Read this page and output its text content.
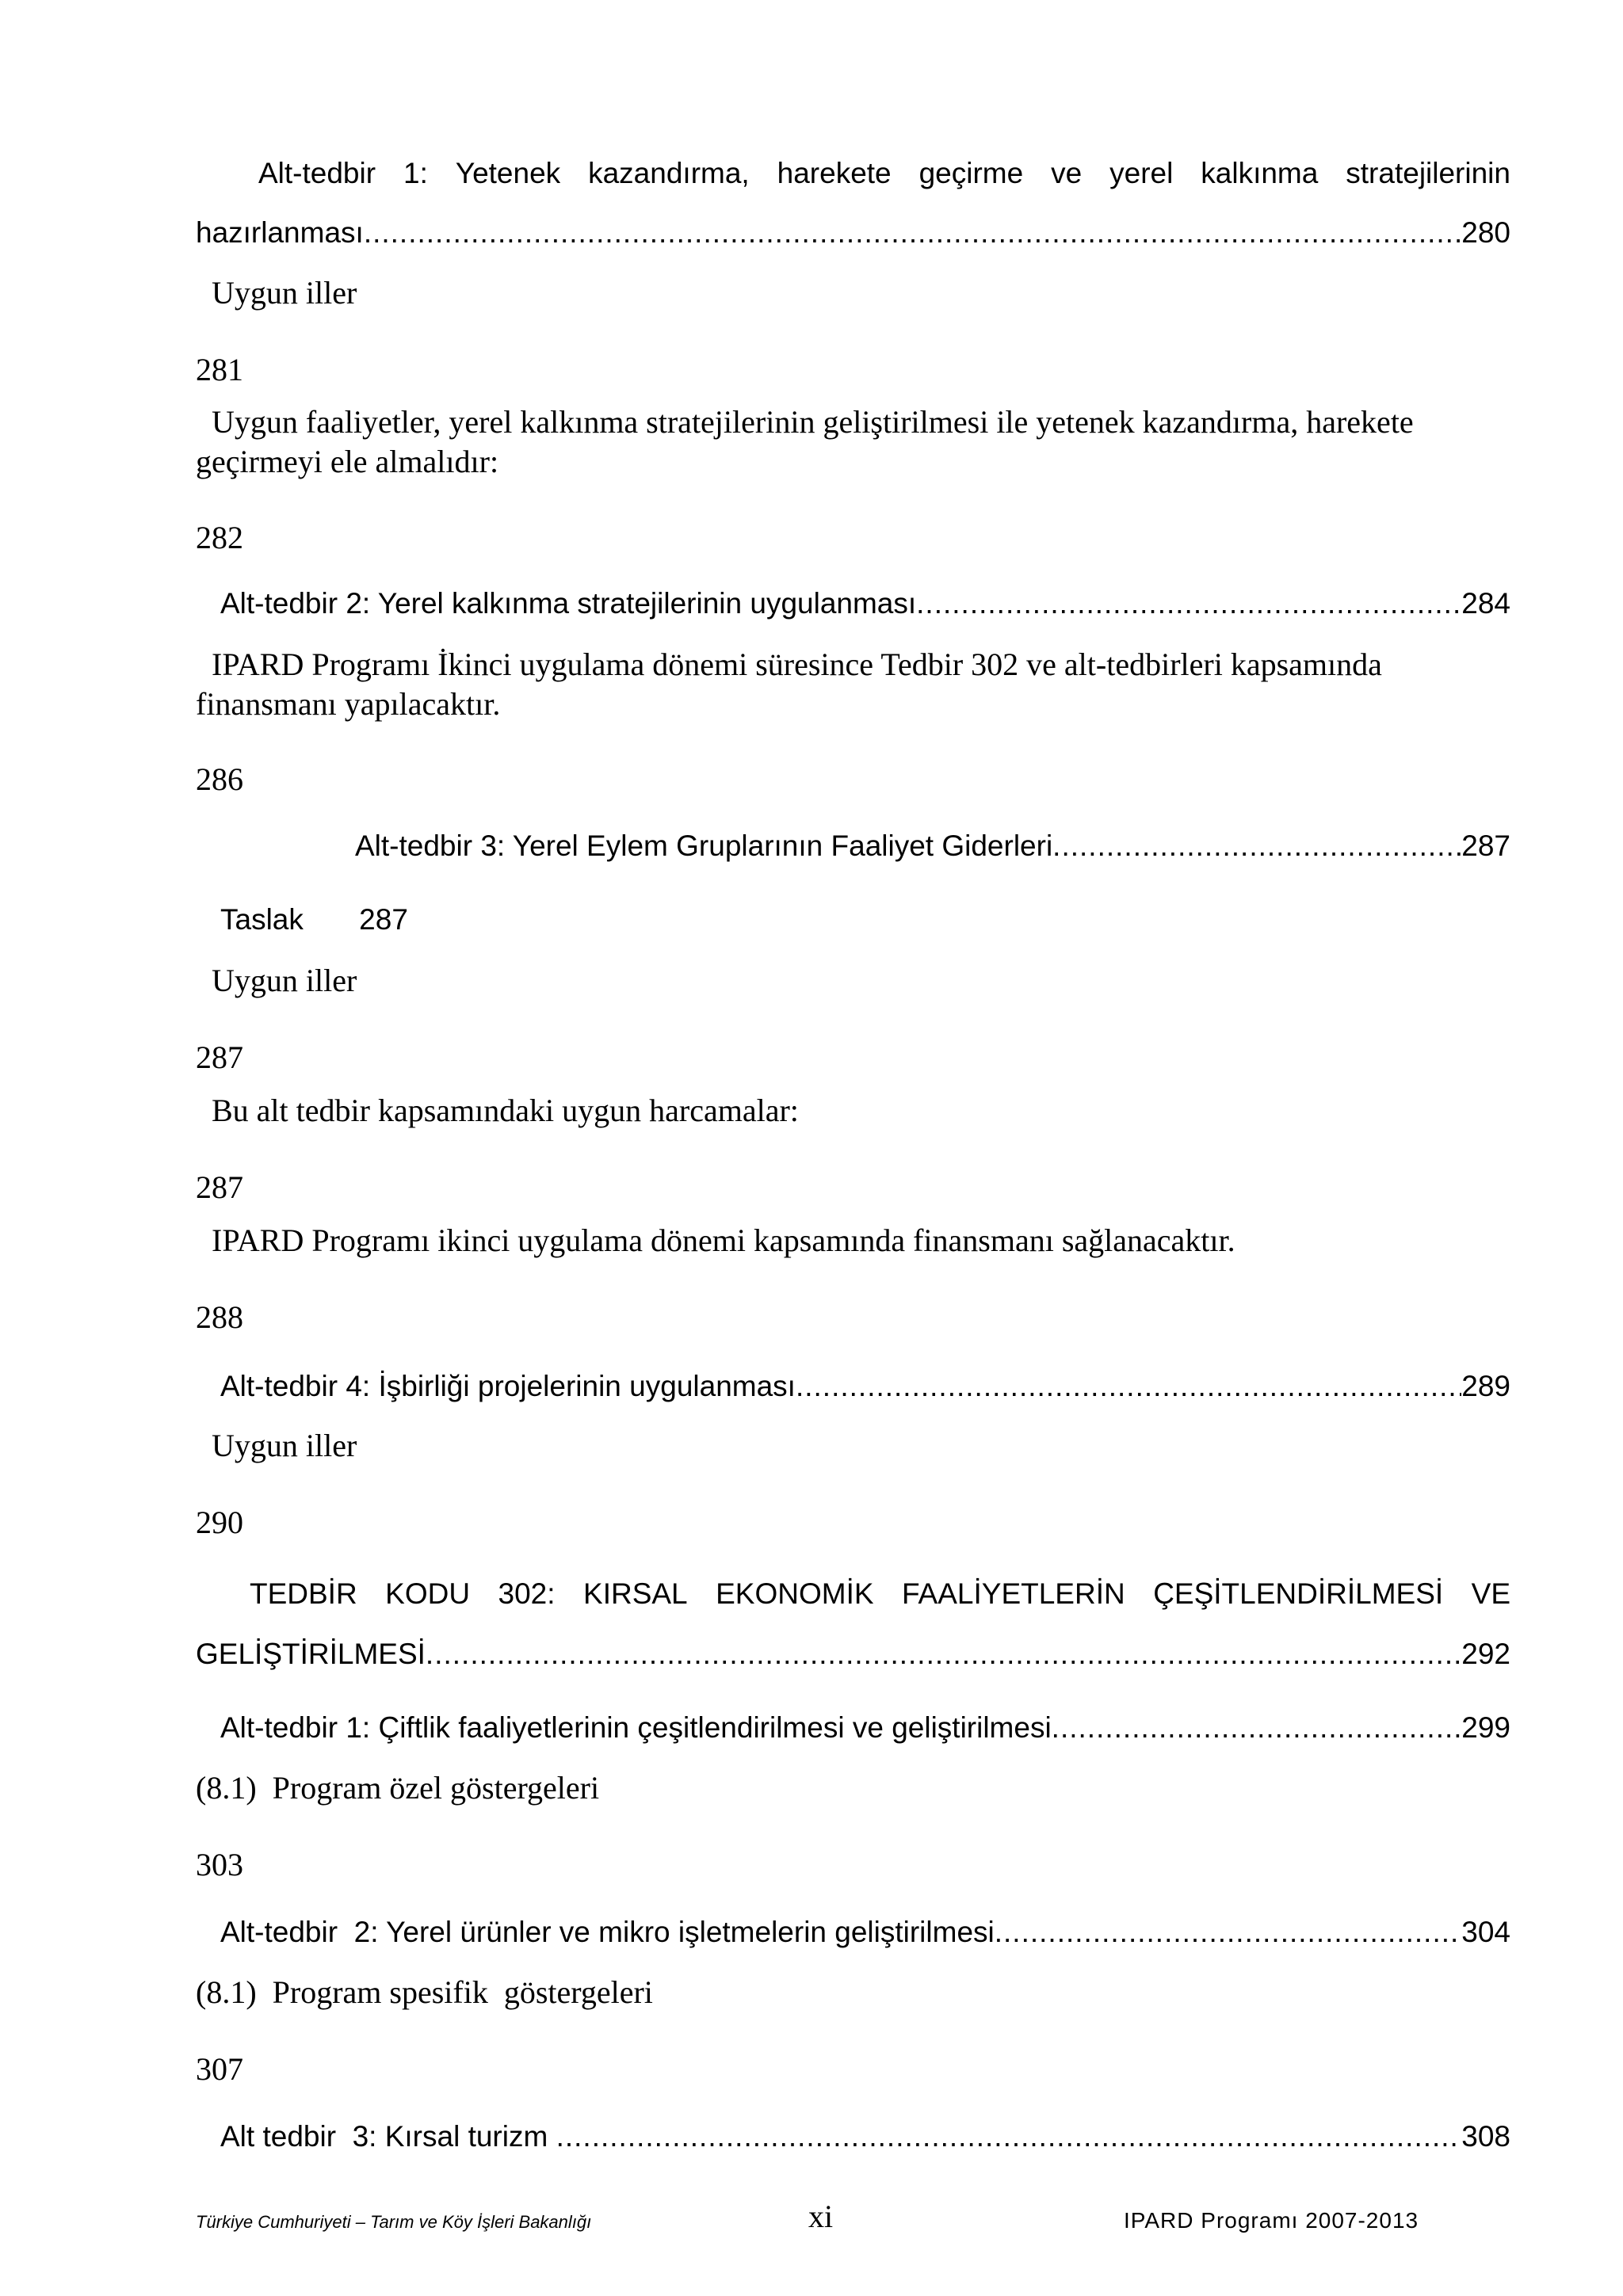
Alt-tedbir 1: Yetenek kazandırma, harekete geçirme ve yerel kalkınma stratejilerinin
hazırlanması .....	280
Uygun iller
281
Uygun faaliyetler, yerel kalkınma stratejilerinin geliştirilmesi ile yetenek kazandırma, harekete geçirmeyi ele almalıdır:
282
Alt-tedbir 2: Yerel kalkınma stratejilerinin uygulanması .....	284
IPARD Programı İkinci uygulama dönemi süresince Tedbir 302 ve alt-tedbirleri kapsamında finansmanı yapılacaktır.
286
Alt-tedbir 3: Yerel Eylem Gruplarının Faaliyet Giderleri .....	287
Taslak 287
Uygun iller
287
Bu alt tedbir kapsamındaki uygun harcamalar:
287
IPARD Programı ikinci uygulama dönemi kapsamında finansmanı sağlanacaktır.
288
Alt-tedbir 4: İşbirliği projelerinin uygulanması .....	289
Uygun iller
290
TEDBİR KODU 302: KIRSAL EKONOMİK FAALİYETLERİN ÇEŞİTLENDİRİLMESİ VE
GELİŞTİRİLMESİ .....	292
Alt-tedbir 1: Çiftlik faaliyetlerinin çeşitlendirilmesi ve geliştirilmesi .....	299
(8.1)  Program özel göstergeleri
303
Alt-tedbir  2: Yerel ürünler ve mikro işletmelerin geliştirilmesi .....	304
(8.1)  Program spesifik  göstergeleri
307
Alt tedbir  3: Kırsal turizm .....	308
Türkiye Cumhuriyeti – Tarım ve Köy İşleri Bakanlığı	xi	IPARD Programı 2007-2013
